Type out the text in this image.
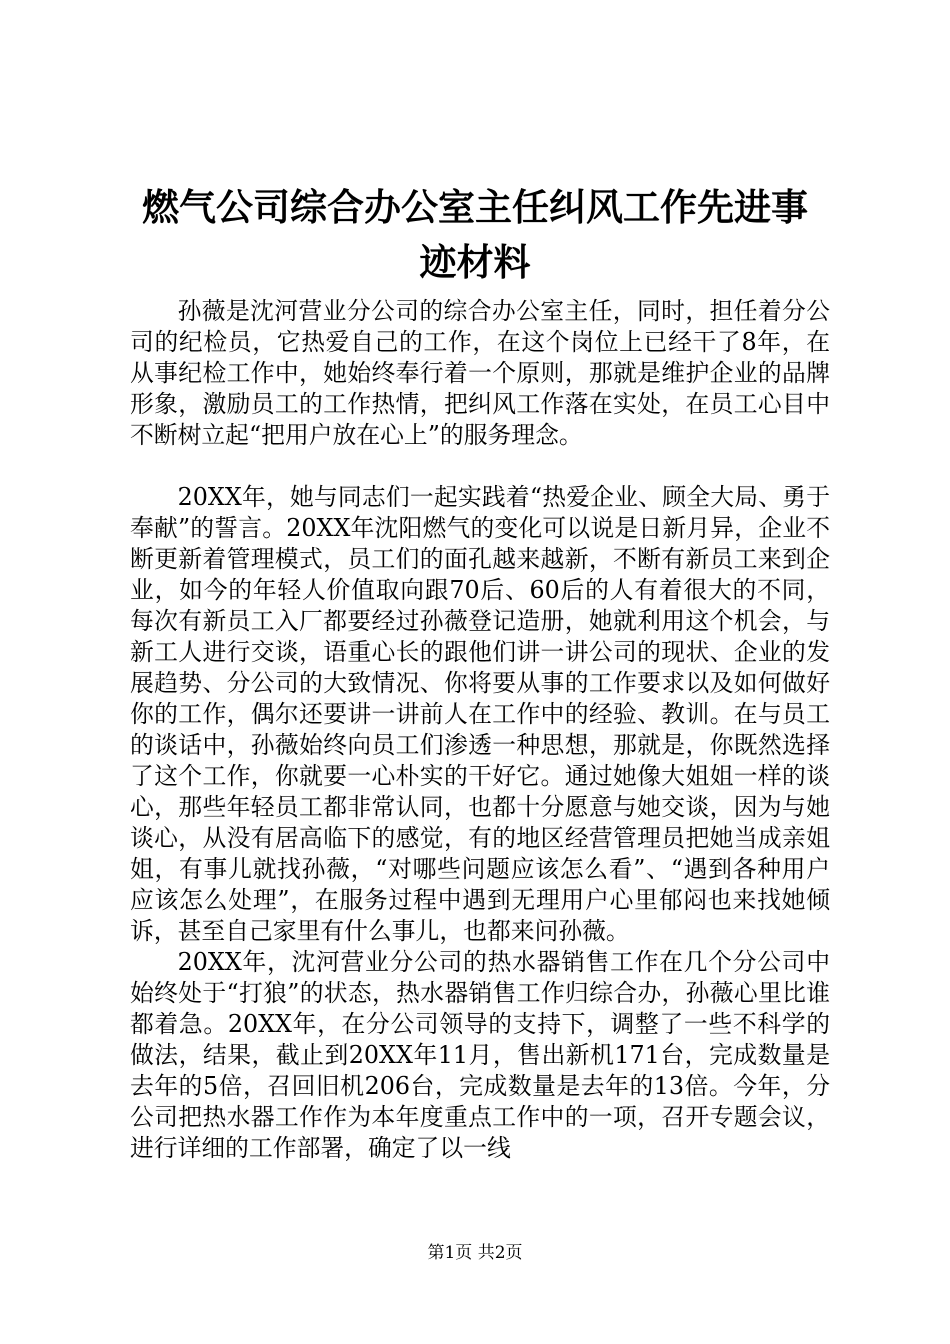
燃气公司综合办公室主任纠风工作先进事迹材料

孙薇是沈河营业分公司的综合办公室主任，同时，担任着分公司的纪检员，它热爱自己的工作，在这个岗位上已经干了8年，在从事纪检工作中，她始终奉行着一个原则，那就是维护企业的品牌形象，激励员工的工作热情，把纠风工作落在实处，在员工心目中不断树立起“把用户放在心上”的服务理念。

20XX年，她与同志们一起实践着“热爱企业、顾全大局、勇于奉献”的誓言。20XX年沈阳燃气的变化可以说是日新月异，企业不断更新着管理模式，员工们的面孔越来越新，不断有新员工来到企业，如今的年轻人价值取向跟70后、60后的人有着很大的不同，每次有新员工入厂都要经过孙薇登记造册，她就利用这个机会，与新工人进行交谈，语重心长的跟他们讲一讲公司的现状、企业的发展趋势、分公司的大致情况、你将要从事的工作要求以及如何做好你的工作，偶尔还要讲一讲前人在工作中的经验、教训。在与员工的谈话中，孙薇始终向员工们渗透一种思想，那就是，你既然选择了这个工作，你就要一心朴实的干好它。通过她像大姐姐一样的谈心，那些年轻员工都非常认同，也都十分愿意与她交谈，因为与她谈心，从没有居高临下的感觉，有的地区经营管理员把她当成亲姐姐，有事儿就找孙薇，“对哪些问题应该怎么看”、“遇到各种用户应该怎么处理”，在服务过程中遇到无理用户心里郁闷也来找她倾诉，甚至自己家里有什么事儿，也都来问孙薇。

20XX年，沈河营业分公司的热水器销售工作在几个分公司中始终处于“打狼”的状态，热水器销售工作归综合办，孙薇心里比谁都着急。20XX年，在分公司领导的支持下，调整了一些不科学的做法，结果，截止到20XX年11月，售出新机171台，完成数量是去年的5倍，召回旧机206台，完成数量是去年的13倍。今年，分公司把热水器工作作为本年度重点工作中的一项，召开专题会议，进行详细的工作部署，确定了以一线

第1页 共2页
